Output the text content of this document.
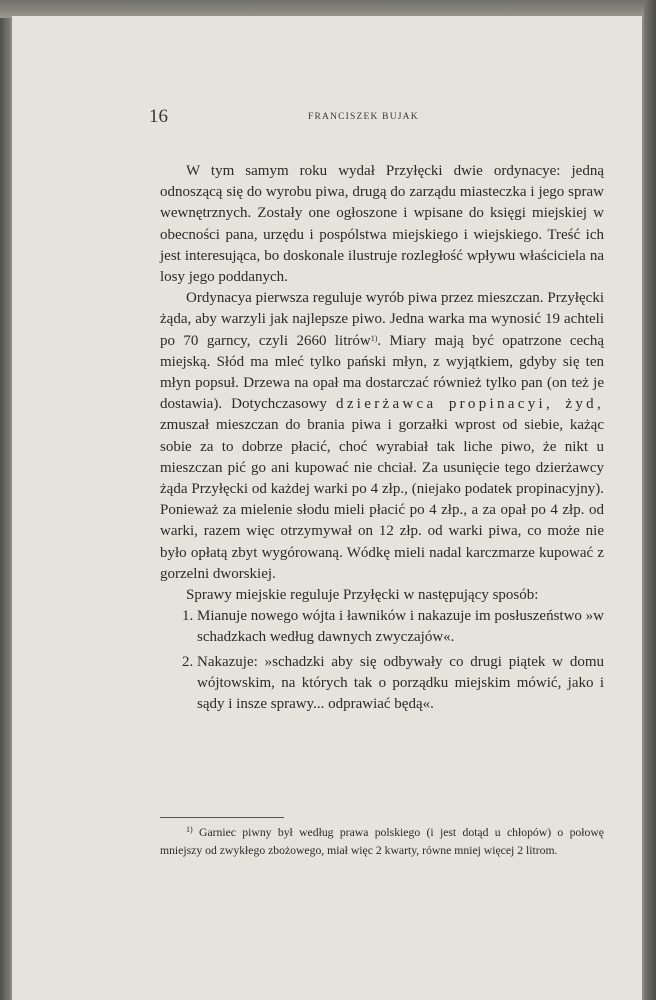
16	FRANCISZEK BUJAK

W tym samym roku wydał Przyłęcki dwie ordynacye: jedną odnoszącą się do wyrobu piwa, drugą do zarządu miasteczka i jego spraw wewnętrznych. Zostały one ogłoszone i wpisane do księgi miejskiej w obecności pana, urzędu i pospólstwa miejskiego i wiejskiego. Treść ich jest interesująca, bo doskonale ilustruje rozległość wpływu właściciela na losy jego poddanych.

Ordynacya pierwsza reguluje wyrób piwa przez mieszczan. Przyłęcki żąda, aby warzyli jak najlepsze piwo. Jedna warka ma wynosić 19 achteli po 70 garncy, czyli 2660 litrów$^{1)}$. Miary mają być opatrzone cechą miejską. Słód ma mleć tylko pański młyn, z wyjątkiem, gdyby się ten młyn popsuł. Drzewa na opał ma dostarczać również tylko pan (on też je dostawia). Dotychczasowy dzierżawca propinacyi, żyd, zmuszał mieszczan do brania piwa i gorzałki wprost od siebie, każąc sobie za to dobrze płacić, choć wyrabiał tak liche piwo, że nikt u mieszczan pić go ani kupować nie chciał. Za usunięcie tego dzierżawcy żąda Przyłęcki od każdej warki po 4 złp., (niejako podatek propinacyjny). Ponieważ za mielenie słodu mieli płacić po 4 złp., a za opał po 4 złp. od warki, razem więc otrzymywał on 12 złp. od warki piwa, co może nie było opłatą zbyt wygórowaną. Wódkę mieli nadal karczmarze kupować z gorzelni dworskiej.

Sprawy miejskie reguluje Przyłęcki w następujący sposób:

1. Mianuje nowego wójta i ławników i nakazuje im posłuszeństwo »w schadzkach według dawnych zwyczajów«.
2. Nakazuje: »schadzki aby się odbywały co drugi piątek w domu wójtowskim, na których tak o porządku miejskim mówić, jako i sądy i insze sprawy... odprawiać będą«.

$^{1)}$ Garniec piwny był według prawa polskiego (i jest dotąd u chłopów) o połowę mniejszy od zwykłego zbożowego, miał więc 2 kwarty, równe mniej więcej 2 litrom.
